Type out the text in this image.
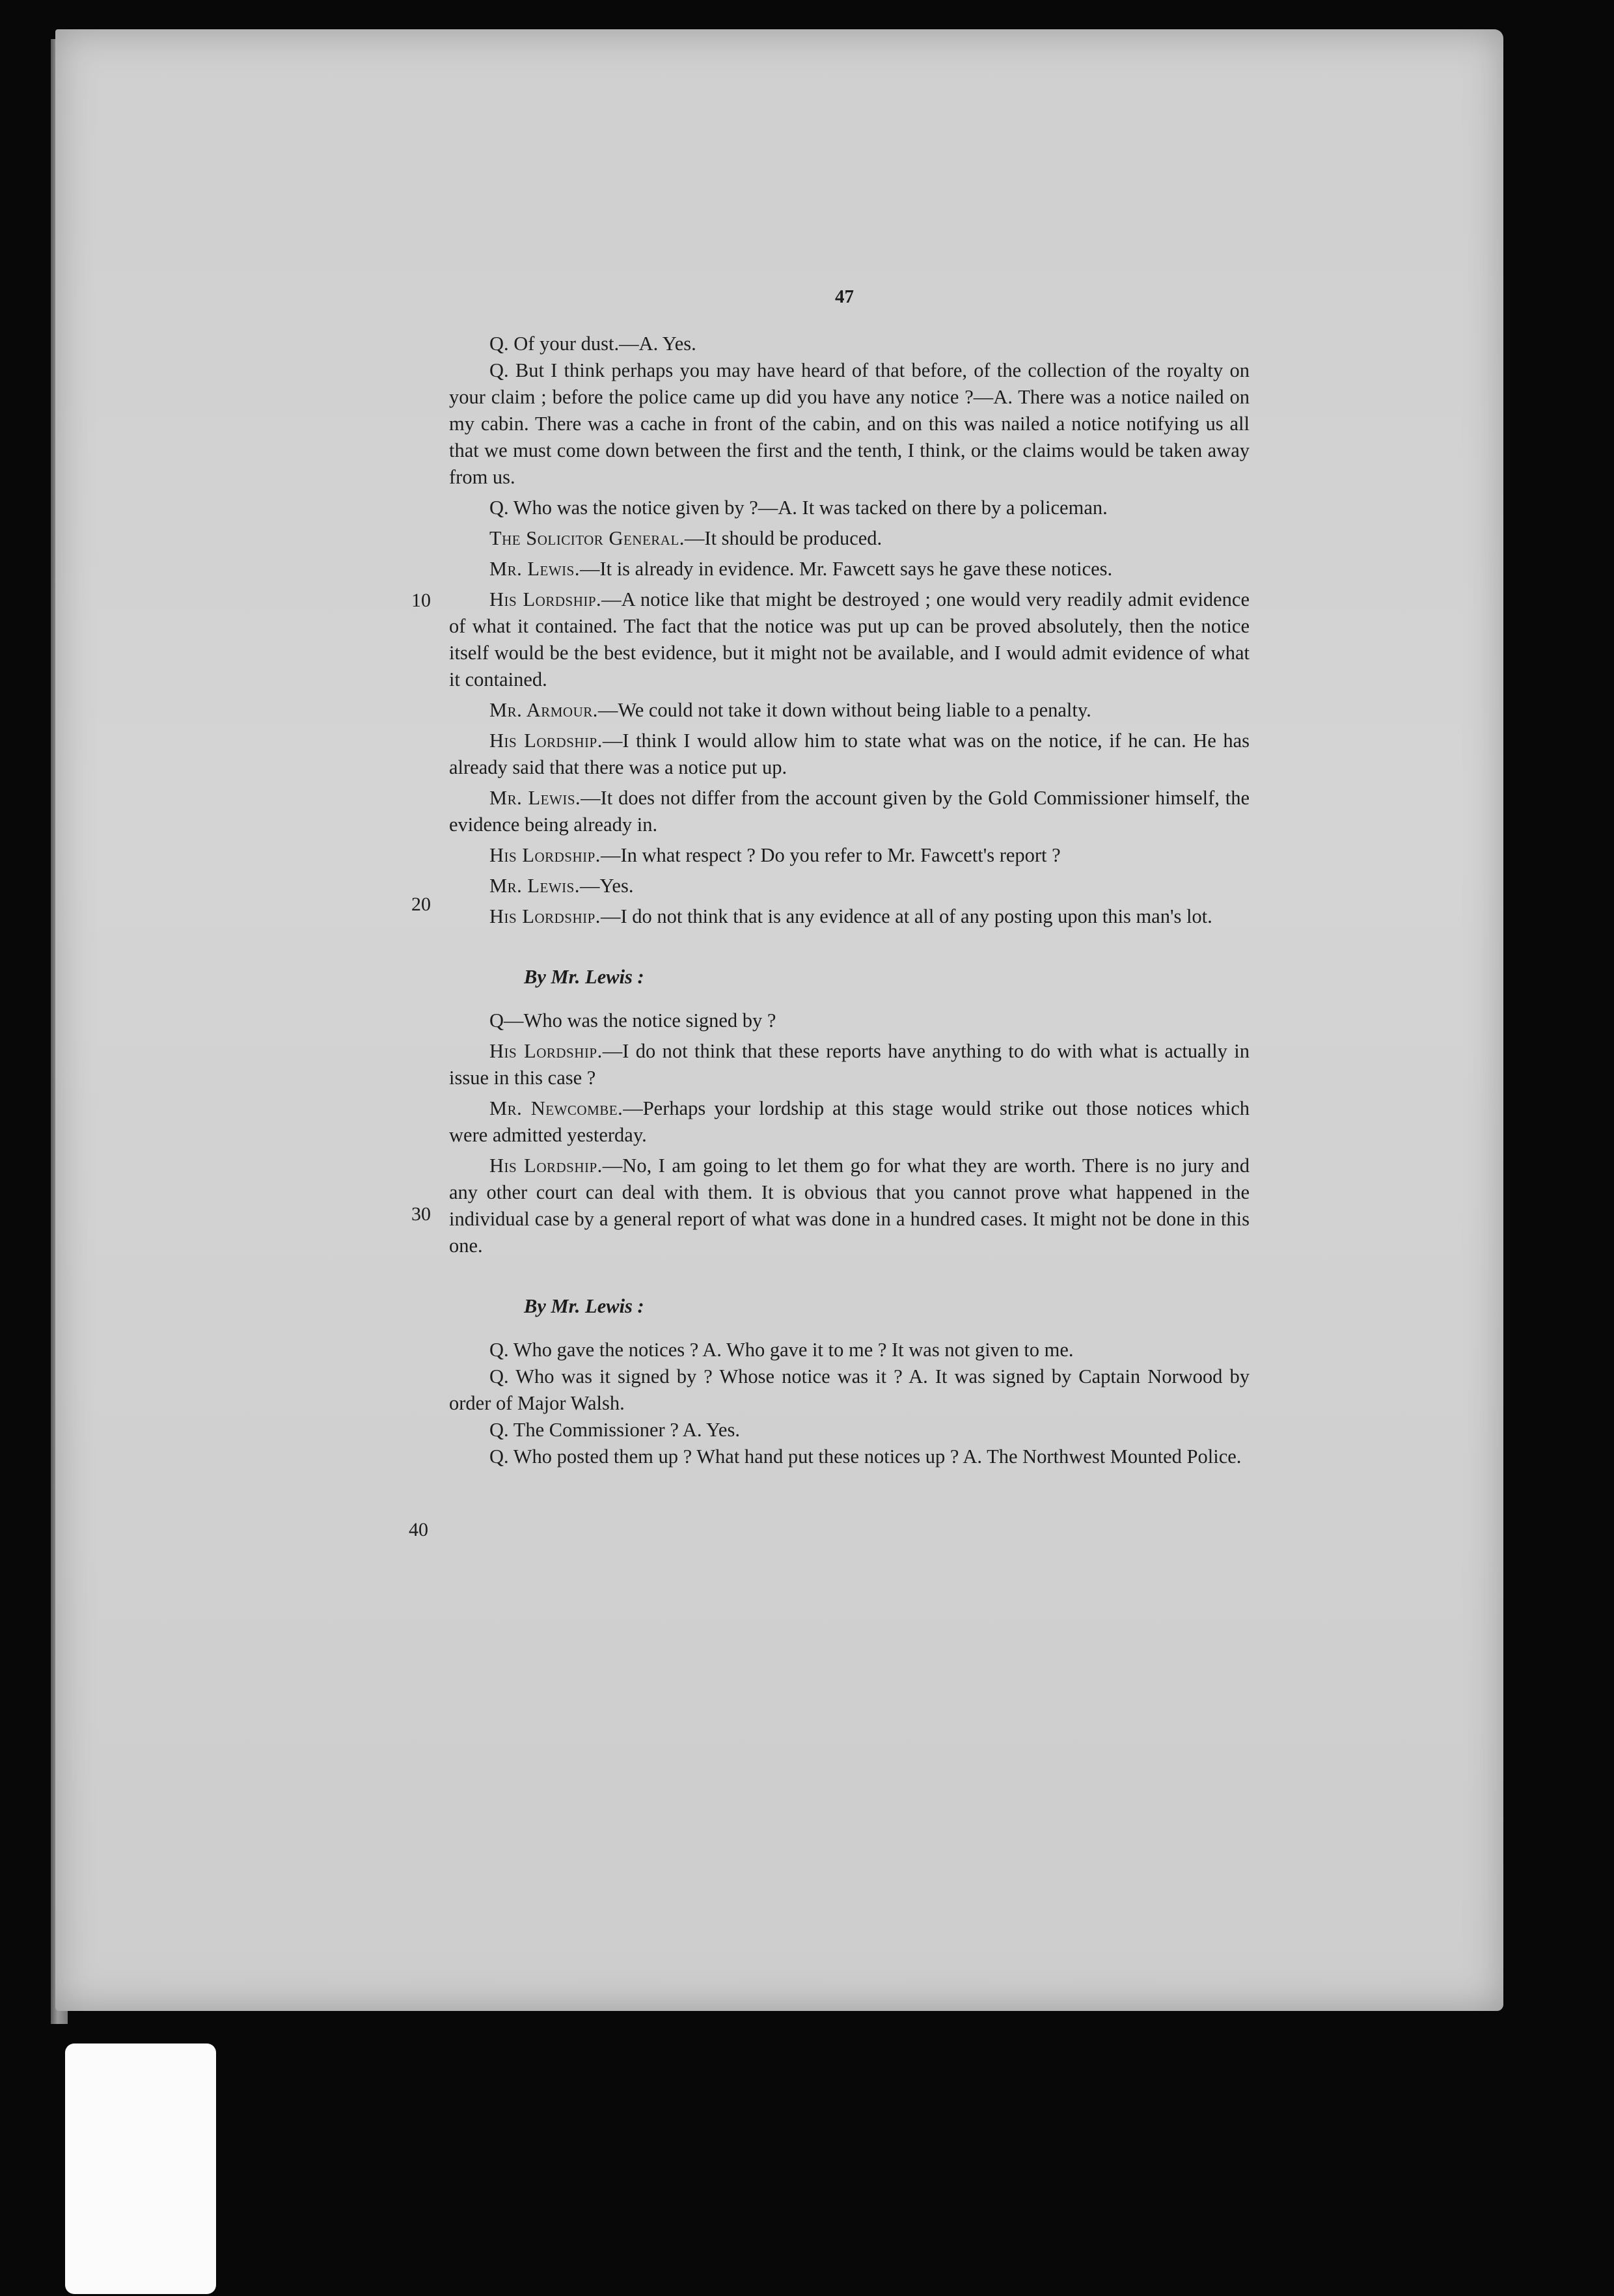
47
10
20
30
40

Q. Of your dust.—A. Yes.

Q. But I think perhaps you may have heard of that before, of the collection of the royalty on your claim ; before the police came up did you have any notice ?—A. There was a notice nailed on my cabin. There was a cache in front of the cabin, and on this was nailed a notice notifying us all that we must come down between the first and the tenth, I think, or the claims would be taken away from us.

Q. Who was the notice given by ?—A. It was tacked on there by a policeman.

The Solicitor General.—It should be produced.

Mr. Lewis.—It is already in evidence. Mr. Fawcett says he gave these notices.

His Lordship.—A notice like that might be destroyed ; one would very readily admit evidence of what it contained. The fact that the notice was put up can be proved absolutely, then the notice itself would be the best evidence, but it might not be available, and I would admit evidence of what it contained.

Mr. Armour.—We could not take it down without being liable to a penalty.

His Lordship.—I think I would allow him to state what was on the notice, if he can. He has already said that there was a notice put up.

Mr. Lewis.—It does not differ from the account given by the Gold Commissioner himself, the evidence being already in.

His Lordship.—In what respect ? Do you refer to Mr. Fawcett's report ?

Mr. Lewis.—Yes.

His Lordship.—I do not think that is any evidence at all of any posting upon this man's lot.

By Mr. Lewis :

Q—Who was the notice signed by ?

His Lordship.—I do not think that these reports have anything to do with what is actually in issue in this case ?

Mr. Newcombe.—Perhaps your lordship at this stage would strike out those notices which were admitted yesterday.

His Lordship.—No, I am going to let them go for what they are worth. There is no jury and any other court can deal with them. It is obvious that you cannot prove what happened in the individual case by a general report of what was done in a hundred cases. It might not be done in this one.

By Mr. Lewis :

Q. Who gave the notices ? A. Who gave it to me ? It was not given to me.

Q. Who was it signed by ? Whose notice was it ? A. It was signed by Captain Norwood by order of Major Walsh.

Q. The Commissioner ? A. Yes.

Q. Who posted them up ? What hand put these notices up ? A. The Northwest Mounted Police.
